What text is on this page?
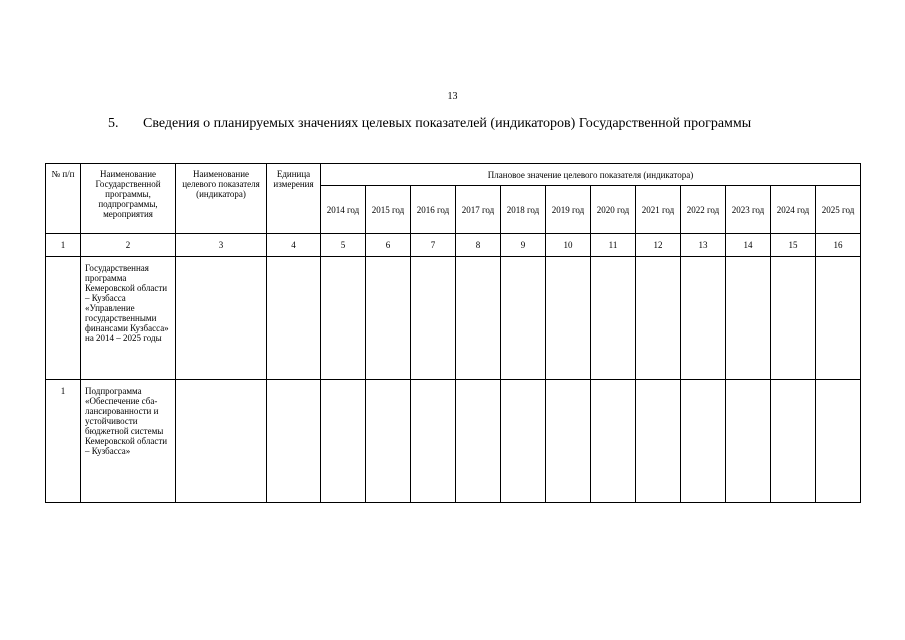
13
5. Сведения о планируемых значениях целевых показателей (индикаторов) Государственной программы
№ п/п	Наименование Государственной программы, подпрограммы, мероприятия	Наименование целевого показателя (индикатора)	Единица измерения	Плановое значение целевого показателя (индикатора)											
				2014 год	2015 год	2016 год	2017 год	2018 год	2019 год	2020 год	2021 год	2022 год	2023 год	2024 год	2025 год
1	2	3	4	5	6	7	8	9	10	11	12	13	14	15	16
	Государственная программа Кемеровской области – Кузбасса «Управление государственными финансами Кузбасса» на 2014 – 2025 годы														
1	Подпрограмма «Обеспечение сба-лансированности и устойчивости бюджетной системы Кемеровской области – Кузбасса»														
